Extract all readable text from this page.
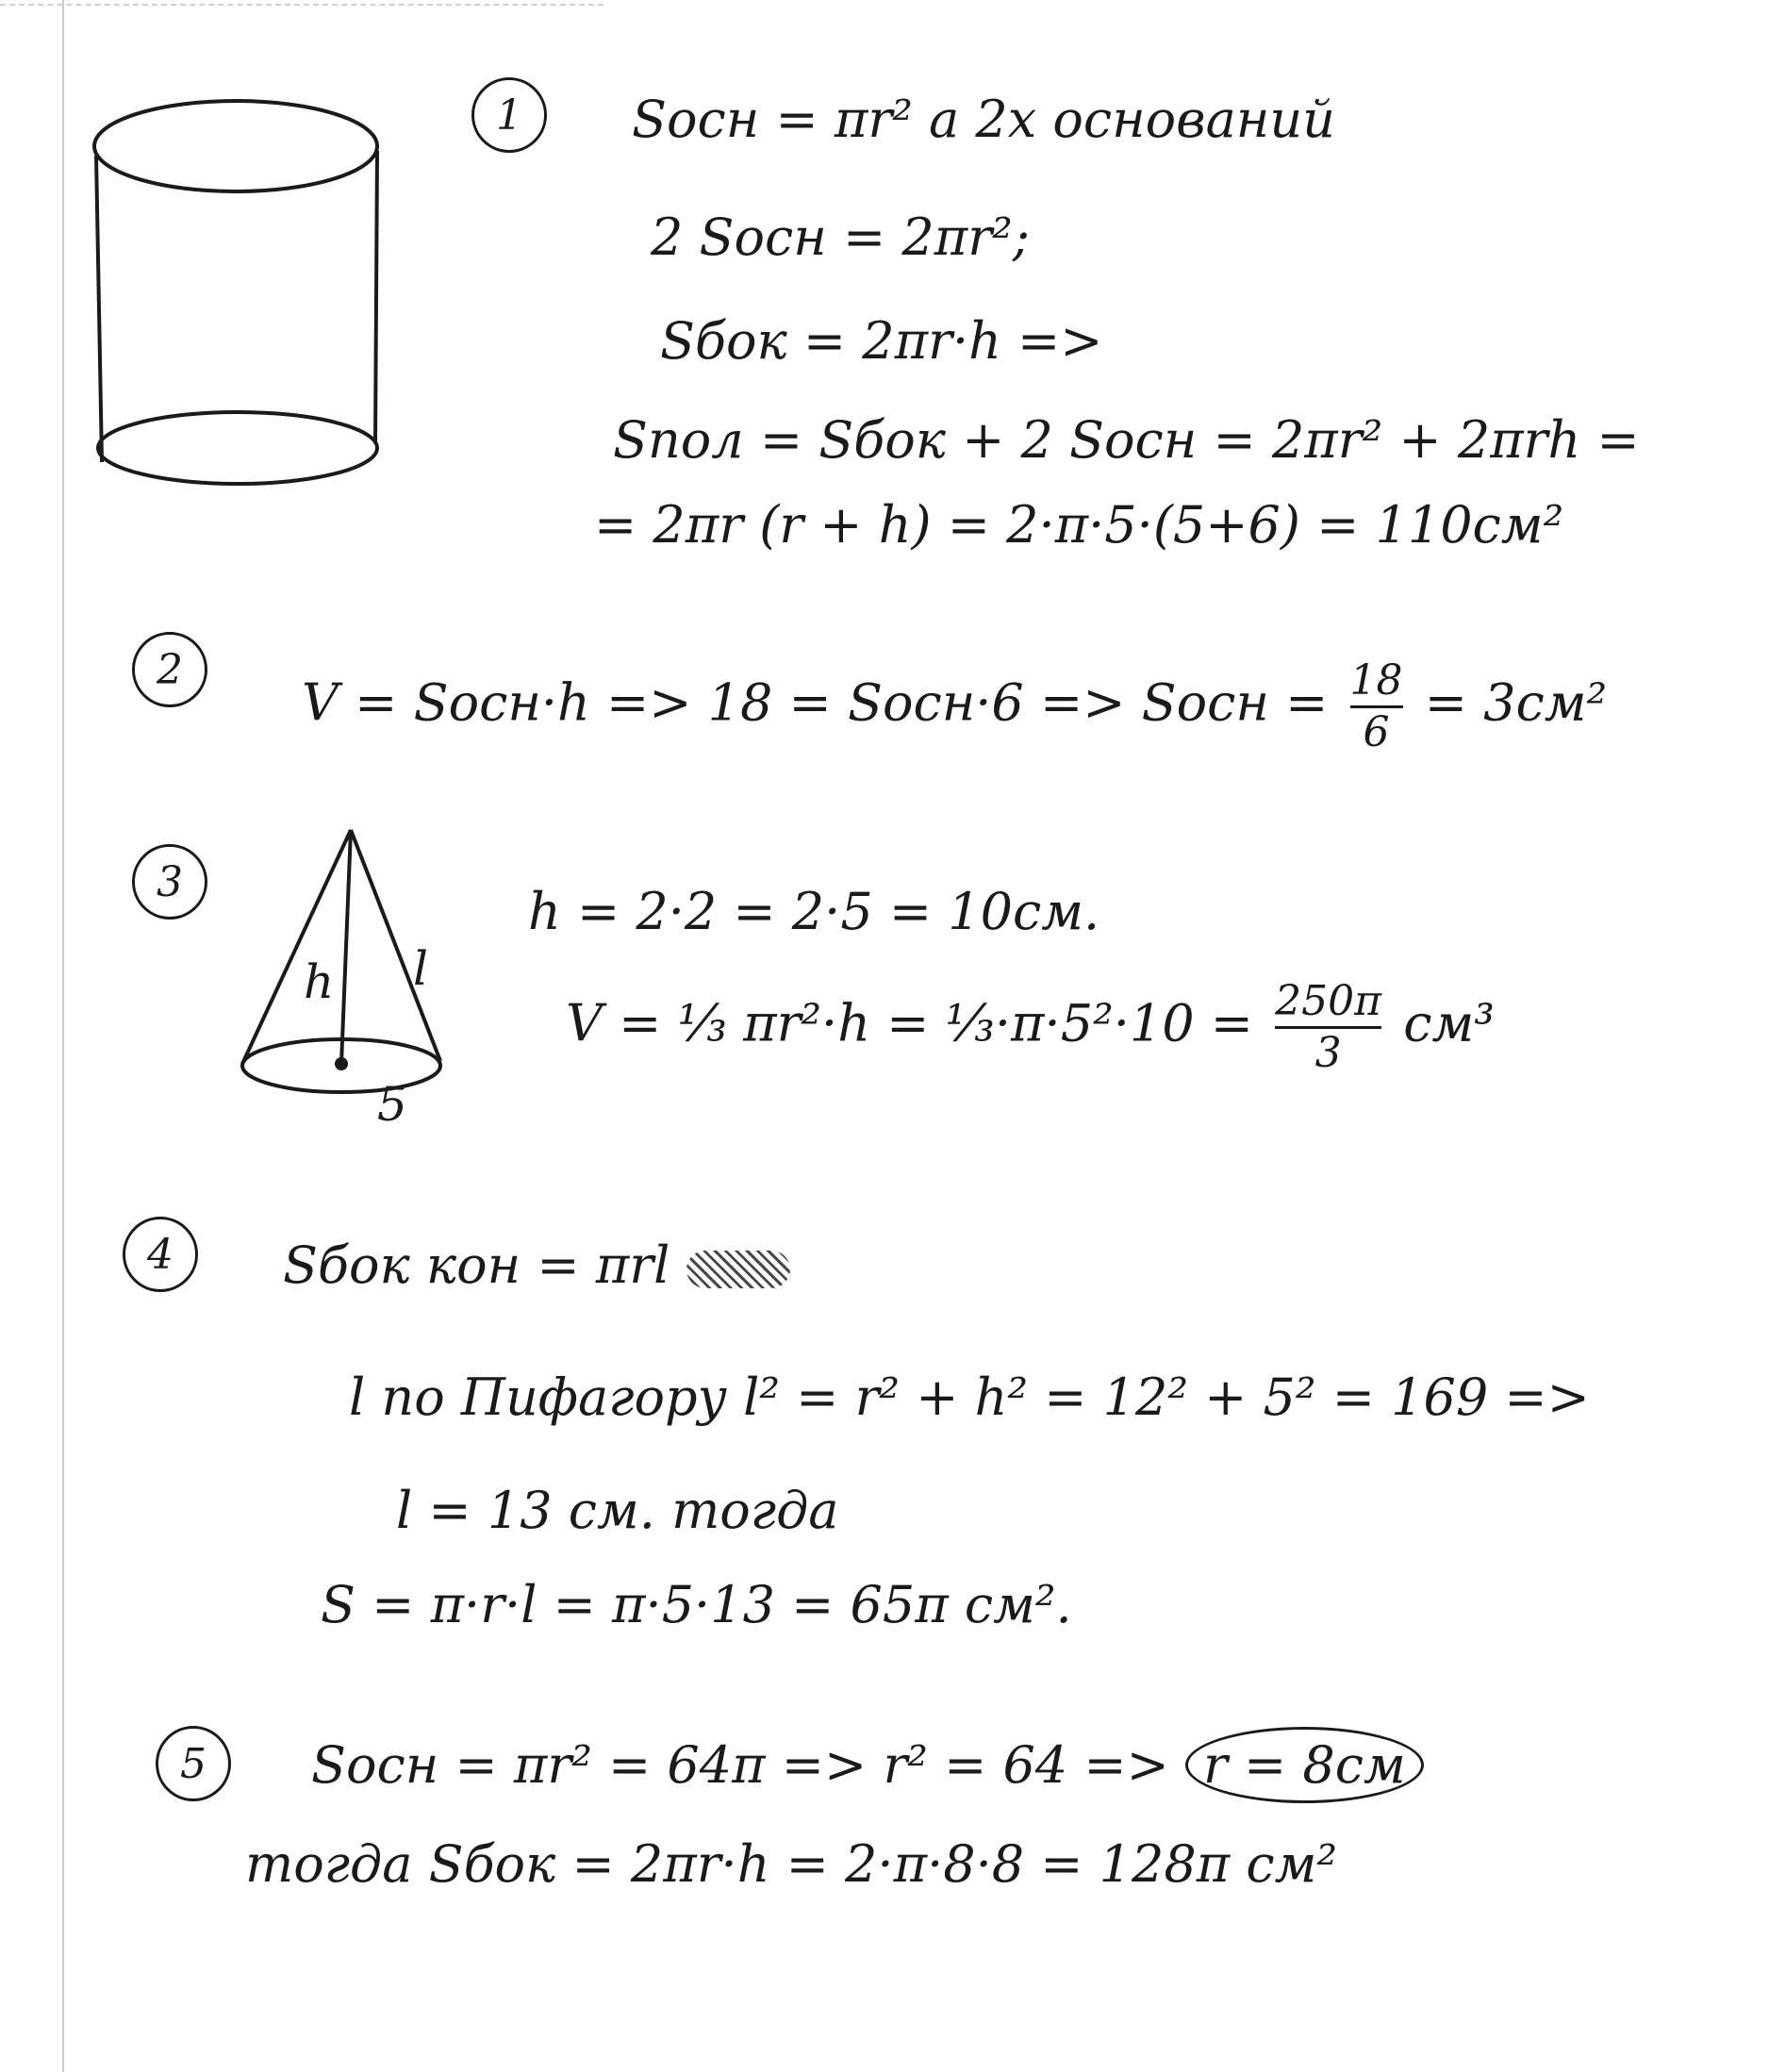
1	Sосн = πr² а 2х оснований
2 Sосн = 2πr²;
Sбок = 2πr·h =>
Sпол = Sбок + 2 Sосн = 2πr² + 2πrh =
= 2πr (r + h) = 2·π·5·(5+6) = 110см²
2
V = Sосн·h => 18 = Sосн·6 => Sосн = $\frac{18}{6} = 3см^2$
3
h l
5
h = 2·2 = 2·5 = 10см.
V = ⅓ πr²·h = ⅓·π·5²·10 = $\frac{250\pi}{3} см^3$
4	Sбок кон = πrl
l по Пифагору l² = r² + h² = 12² + 5² = 169 =>
l = 13 см. тогда
S = π·r·l = π·5·13 = 65π см².
5	Sосн = πr² = 64π => r² = 64 => r = 8см
тогда Sбок = 2πr·h = 2·π·8·8 = 128π см²
